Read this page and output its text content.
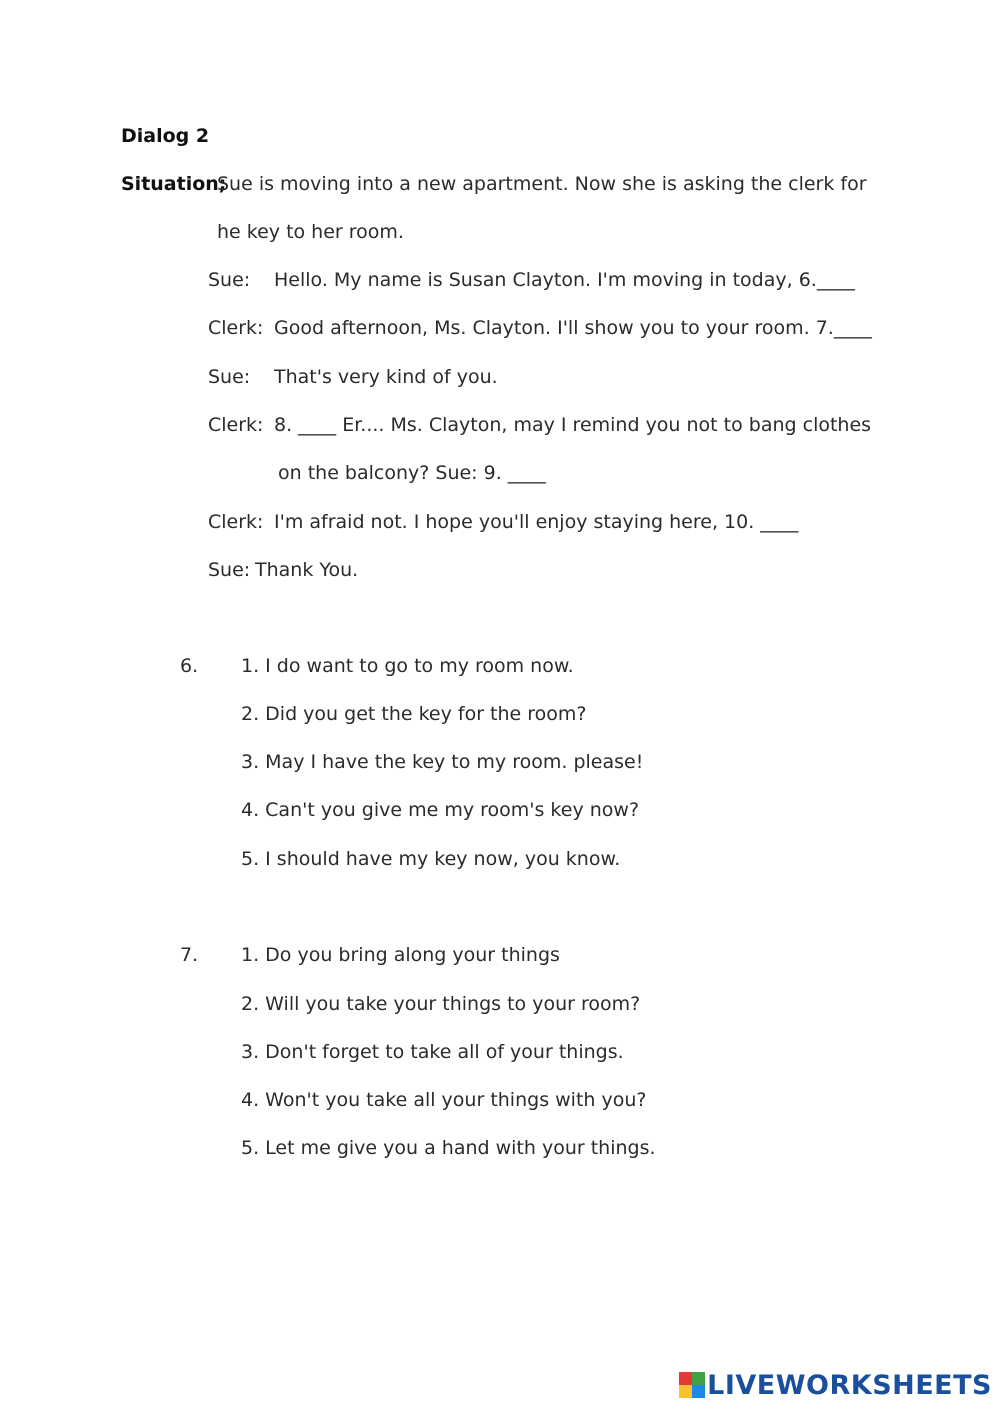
Dialog 2
Situation;
Sue is moving into a new apartment. Now she is asking the clerk for
he key to her room.
Sue: Hello. My name is Susan Clayton. I'm moving in today, 6.____
Clerk: Good afternoon, Ms. Clayton. I'll show you to your room. 7.____
Sue: That's very kind of you.
Clerk: 8. ____ Er.... Ms. Clayton, may I remind you not to bang clothes
on the balcony? Sue: 9. ____
Clerk: I'm afraid not. I hope you'll enjoy staying here, 10. ____
Sue: Thank You.
6. 1. I do want to go to my room now.
2. Did you get the key for the room?
3. May I have the key to my room. please!
4. Can't you give me my room's key now?
5. I should have my key now, you know.
7. 1. Do you bring along your things
2. Will you take your things to your room?
3. Don't forget to take all of your things.
4. Won't you take all your things with you?
5. Let me give you a hand with your things.
LIVEWORKSHEETS
